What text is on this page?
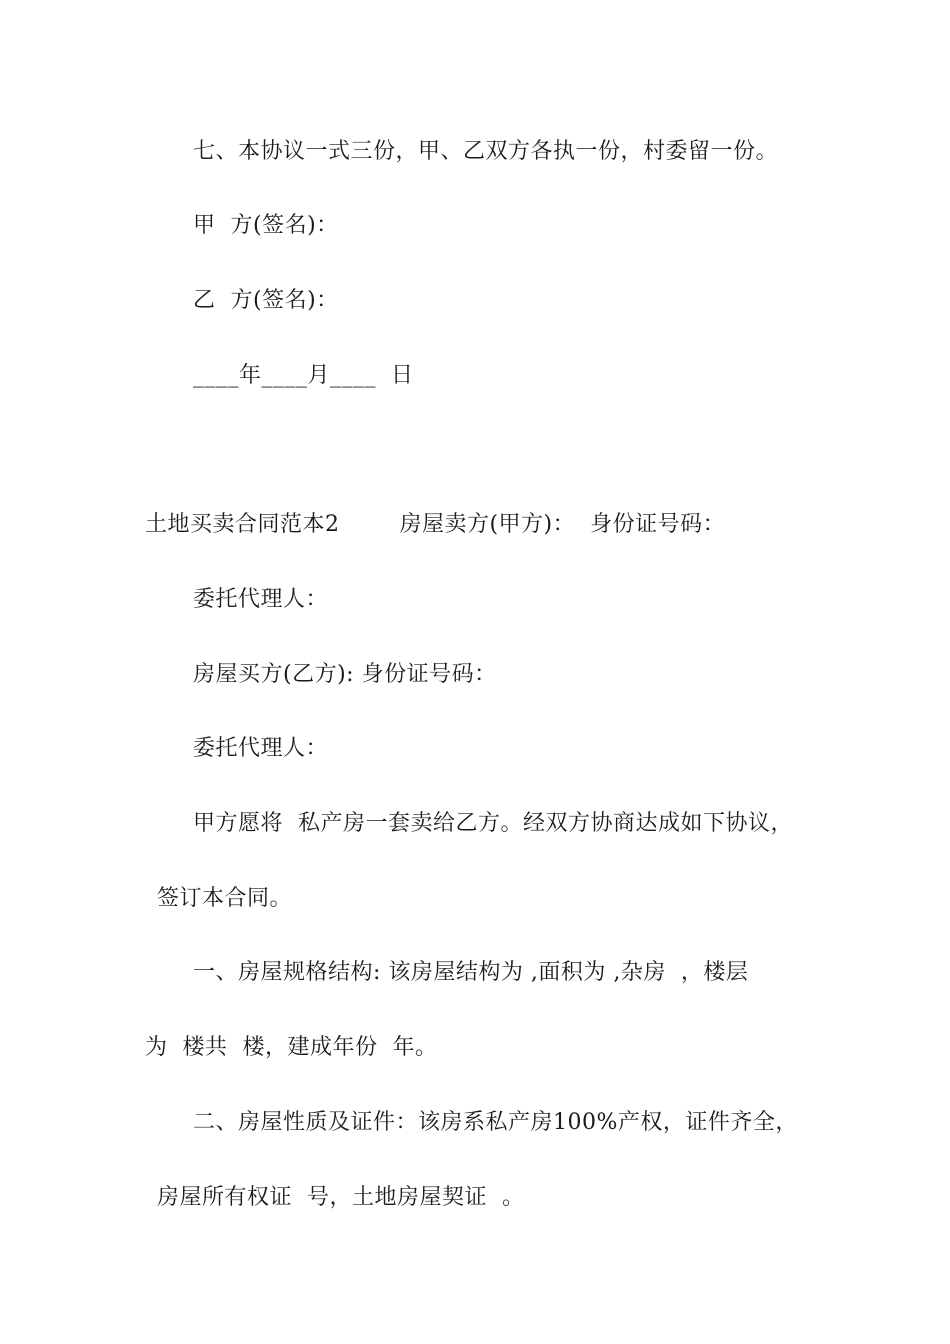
七、本协议一式三份，甲、乙双方各执一份，村委留一份。
甲  方(签名)：
乙  方(签名)：
____年____月____  日
土地买卖合同范本2        房屋卖方(甲方)：  身份证号码：
委托代理人：
房屋买方(乙方): 身份证号码：
委托代理人：
甲方愿将  私产房一套卖给乙方。经双方协商达成如下协议，
签订本合同。
一、房屋规格结构: 该房屋结构为 ,面积为 ,杂房  ，楼层
为  楼共  楼，建成年份  年。
二、房屋性质及证件：该房系私产房100%产权，证件齐全，
房屋所有权证  号，土地房屋契证  。
